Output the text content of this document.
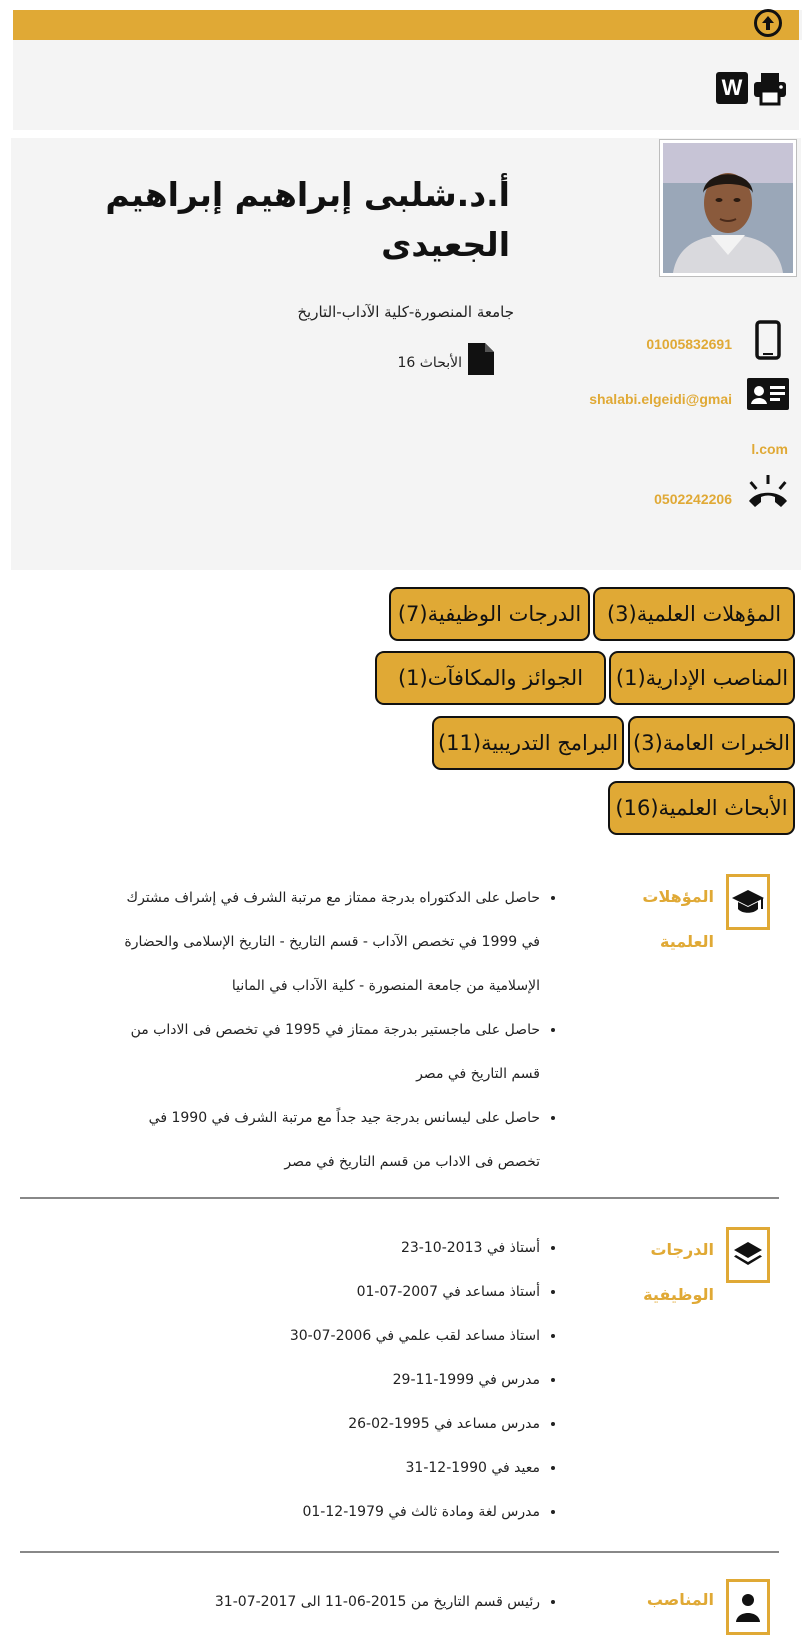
W
أ.د.شلبى إبراهيم إبراهيم الجعيدى
جامعة المنصورة-كلية الآداب-التاريخ
الأبحاث 16
01005832691
shalabi.elgeidi@gmai
l.com
0502242206
المؤهلات العلمية(3)
الدرجات الوظيفية(7)
المناصب الإدارية(1)
الجوائز والمكافآت(1)
الخبرات العامة(3)
البرامج التدريبية(11)
الأبحاث العلمية(16)
المؤهلات
العلمية
• حاصل على الدكتوراه بدرجة ممتاز مع مرتبة الشرف في إشراف مشترك
في 1999 في تخصص الآداب - قسم التاريخ - التاريخ الإسلامى والحضارة
الإسلامية من جامعة المنصورة - كلية الآداب في المانيا
• حاصل على ماجستير بدرجة ممتاز في 1995 في تخصص فى الاداب من
قسم التاريخ في مصر
• حاصل على ليسانس بدرجة جيد جداً مع مرتبة الشرف في 1990 في
تخصص فى الاداب من قسم التاريخ في مصر
الدرجات
الوظيفية
• أستاذ في 2013-10-23
• أستاذ مساعد في 2007-07-01
• استاذ مساعد لقب علمي في 2006-07-30
• مدرس في 1999-11-29
• مدرس مساعد في 1995-02-26
• معيد في 1990-12-31
• مدرس لغة ومادة ثالث في 1979-12-01
المناصب
• رئيس قسم التاريخ من 2015-06-11 الى 2017-07-31
